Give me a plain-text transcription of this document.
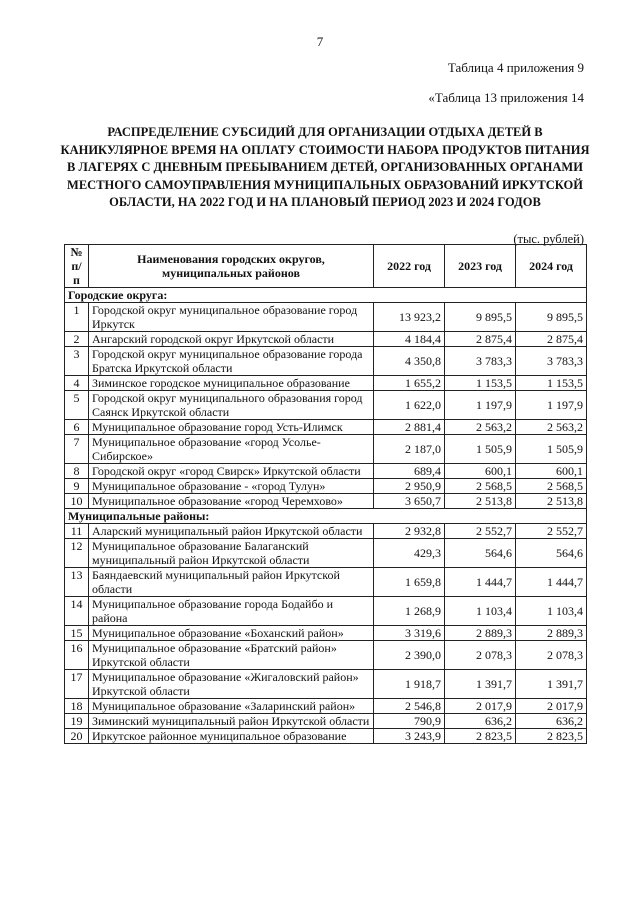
7
Таблица 4 приложения 9
«Таблица 13 приложения 14
РАСПРЕДЕЛЕНИЕ СУБСИДИЙ ДЛЯ ОРГАНИЗАЦИИ ОТДЫХА ДЕТЕЙ В КАНИКУЛЯРНОЕ ВРЕМЯ НА ОПЛАТУ СТОИМОСТИ НАБОРА ПРОДУКТОВ ПИТАНИЯ В ЛАГЕРЯХ С ДНЕВНЫМ ПРЕБЫВАНИЕМ ДЕТЕЙ, ОРГАНИЗОВАННЫХ ОРГАНАМИ МЕСТНОГО САМОУПРАВЛЕНИЯ МУНИЦИПАЛЬНЫХ ОБРАЗОВАНИЙ ИРКУТСКОЙ ОБЛАСТИ, НА 2022 ГОД И НА ПЛАНОВЫЙ ПЕРИОД 2023 И 2024 ГОДОВ
(тыс. рублей)
№ п/п	Наименования городских округов, муниципальных районов	2022 год	2023 год	2024 год
Городские округа:				
1	Городской округ муниципальное образование город Иркутск	13 923,2	9 895,5	9 895,5
2	Ангарский городской округ Иркутской области	4 184,4	2 875,4	2 875,4
3	Городской округ муниципальное образование города Братска Иркутской области	4 350,8	3 783,3	3 783,3
4	Зиминское городское муниципальное образование	1 655,2	1 153,5	1 153,5
5	Городской округ муниципального образования город Саянск Иркутской области	1 622,0	1 197,9	1 197,9
6	Муниципальное образование город Усть-Илимск	2 881,4	2 563,2	2 563,2
7	Муниципальное образование «город Усолье-Сибирское»	2 187,0	1 505,9	1 505,9
8	Городской округ «город Свирск» Иркутской области	689,4	600,1	600,1
9	Муниципальное образование - «город Тулун»	2 950,9	2 568,5	2 568,5
10	Муниципальное образование «город Черемхово»	3 650,7	2 513,8	2 513,8
Муниципальные районы:				
11	Аларский муниципальный район Иркутской области	2 932,8	2 552,7	2 552,7
12	Муниципальное образование Балаганский муниципальный район Иркутской области	429,3	564,6	564,6
13	Баяндаевский муниципальный район Иркутской области	1 659,8	1 444,7	1 444,7
14	Муниципальное образование города Бодайбо и района	1 268,9	1 103,4	1 103,4
15	Муниципальное образование «Боханский район»	3 319,6	2 889,3	2 889,3
16	Муниципальное образование «Братский район» Иркутской области	2 390,0	2 078,3	2 078,3
17	Муниципальное образование «Жигаловский район» Иркутской области	1 918,7	1 391,7	1 391,7
18	Муниципальное образование «Заларинский район»	2 546,8	2 017,9	2 017,9
19	Зиминский муниципальный район Иркутской области	790,9	636,2	636,2
20	Иркутское районное муниципальное образование	3 243,9	2 823,5	2 823,5
